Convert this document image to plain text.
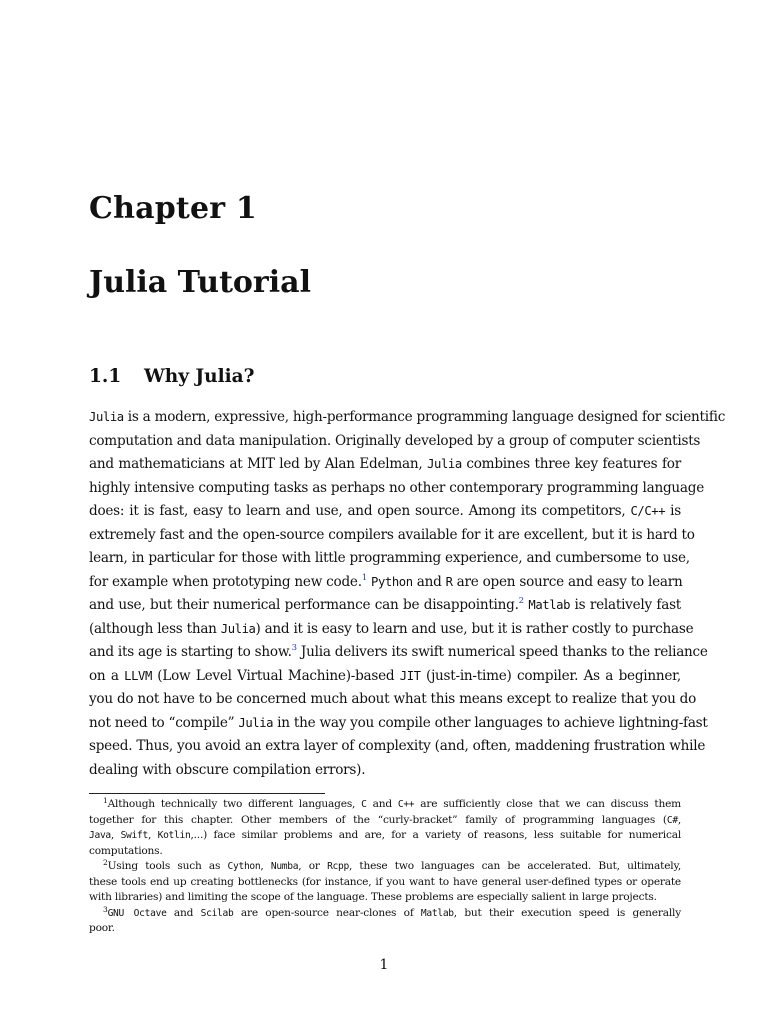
Chapter 1
Julia Tutorial
1.1 Why Julia?
Julia is a modern, expressive, high-performance programming language designed for scientific
computation and data manipulation. Originally developed by a group of computer scientists
and mathematicians at MIT led by Alan Edelman, Julia combines three key features for
highly intensive computing tasks as perhaps no other contemporary programming language
does: it is fast, easy to learn and use, and open source. Among its competitors, C/C++ is
extremely fast and the open-source compilers available for it are excellent, but it is hard to
learn, in particular for those with little programming experience, and cumbersome to use,
for example when prototyping new code.$^1$ Python and R are open source and easy to learn
and use, but their numerical performance can be disappointing.$^2$ Matlab is relatively fast
(although less than Julia) and it is easy to learn and use, but it is rather costly to purchase
and its age is starting to show.$^3$ Julia delivers its swift numerical speed thanks to the reliance
on a LLVM (Low Level Virtual Machine)-based JIT (just-in-time) compiler. As a beginner,
you do not have to be concerned much about what this means except to realize that you do
not need to “compile” Julia in the way you compile other languages to achieve lightning-fast
speed. Thus, you avoid an extra layer of complexity (and, often, maddening frustration while
dealing with obscure compilation errors).
$^1$Although technically two different languages, C and C++ are sufficiently close that we can discuss them
together for this chapter. Other members of the “curly-bracket” family of programming languages (C#,
Java, Swift, Kotlin,...) face similar problems and are, for a variety of reasons, less suitable for numerical
computations.
$^2$Using tools such as Cython, Numba, or Rcpp, these two languages can be accelerated. But, ultimately,
these tools end up creating bottlenecks (for instance, if you want to have general user-defined types or operate
with libraries) and limiting the scope of the language. These problems are especially salient in large projects.
$^3$GNU Octave and Scilab are open-source near-clones of Matlab, but their execution speed is generally
poor.

1
